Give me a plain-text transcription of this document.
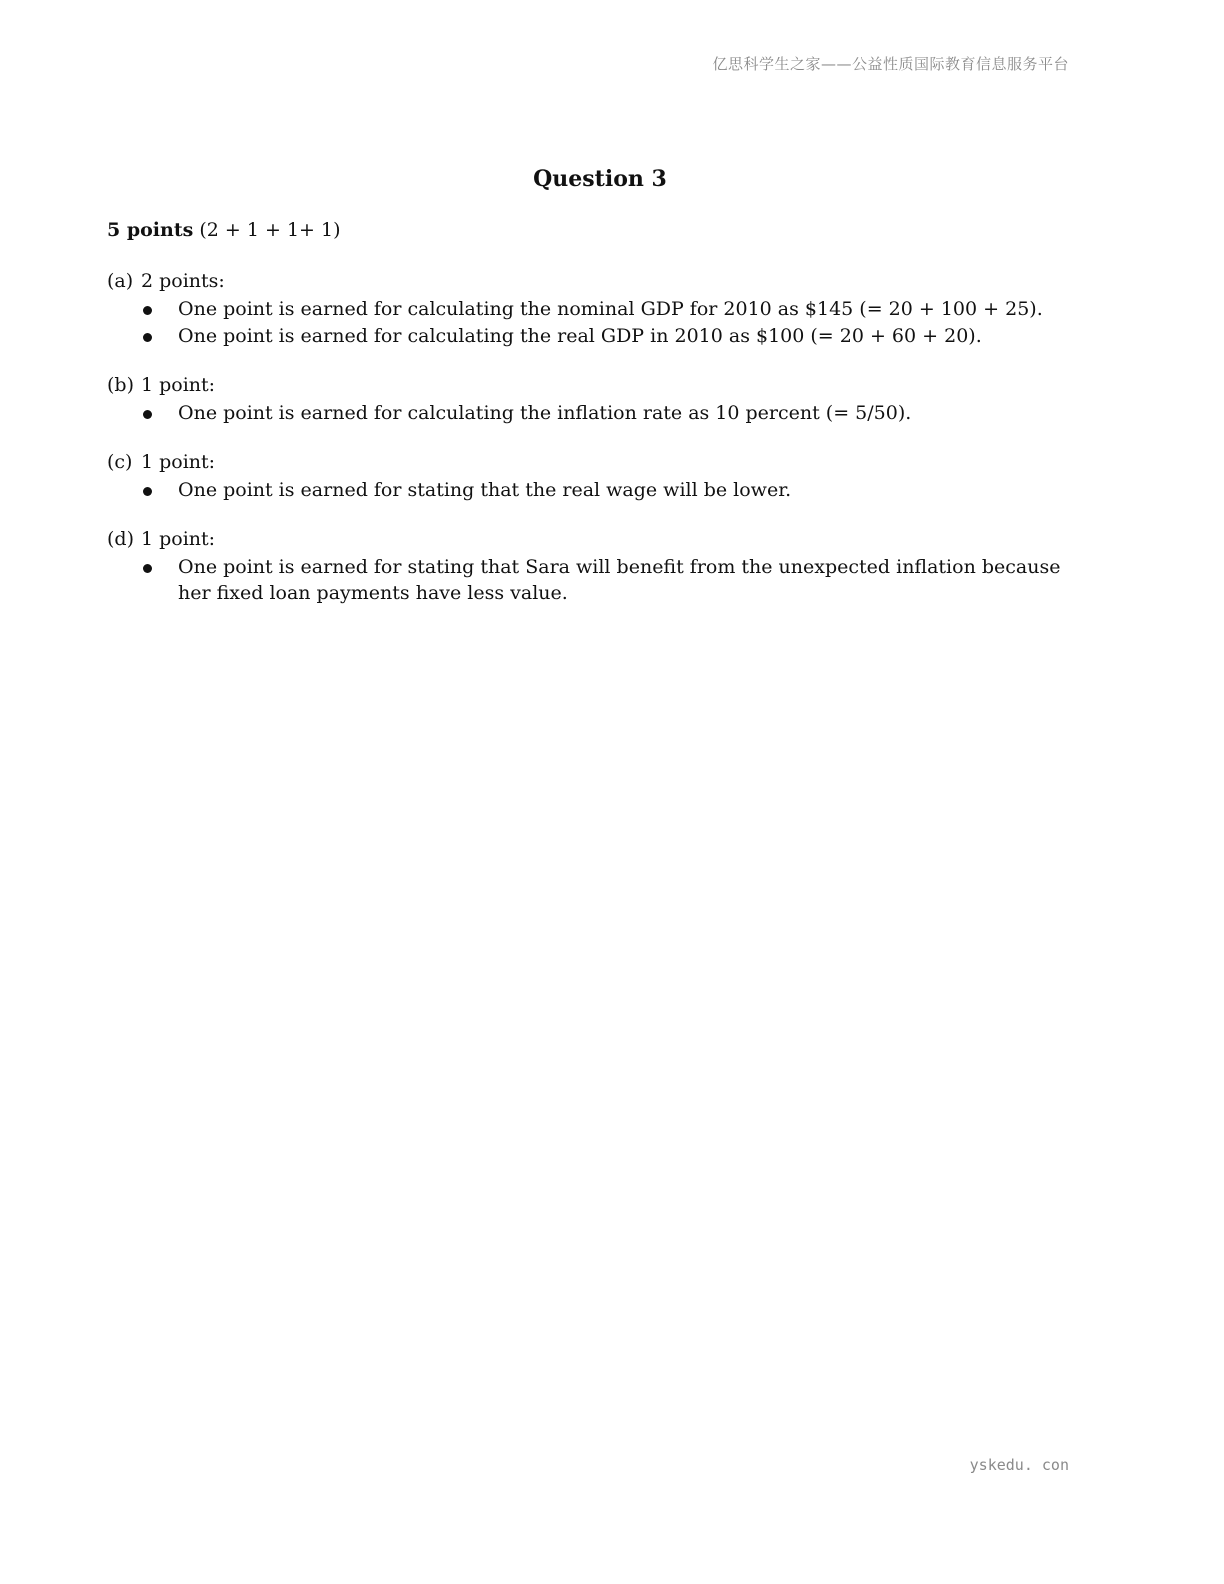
亿思科学生之家——公益性质国际教育信息服务平台
Question 3
5 points (2 + 1 + 1+ 1)
(a) 2 points:
One point is earned for calculating the nominal GDP for 2010 as $145 (= 20 + 100 + 25).
One point is earned for calculating the real GDP in 2010 as $100 (= 20 + 60 + 20).
(b) 1 point:
One point is earned for calculating the inflation rate as 10 percent (= 5/50).
(c) 1 point:
One point is earned for stating that the real wage will be lower.
(d) 1 point:
One point is earned for stating that Sara will benefit from the unexpected inflation because her fixed loan payments have less value.
yskedu. con
